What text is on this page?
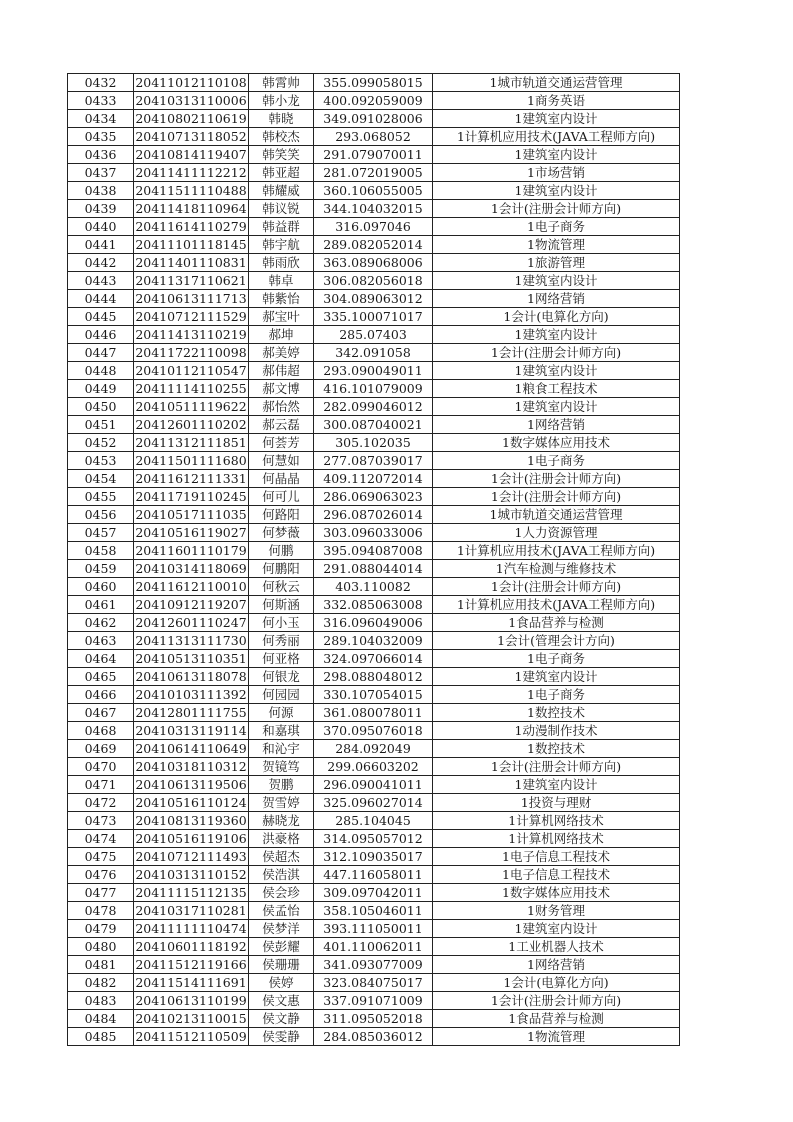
0432	20411012110108	韩霄帅	355.099058015	1城市轨道交通运营管理
0433	20410313110006	韩小龙	400.092059009	1商务英语
0434	20410802110619	韩晓	349.091028006	1建筑室内设计
0435	20410713118052	韩校杰	293.068052	1计算机应用技术(JAVA工程师方向)
0436	20410814119407	韩笑笑	291.079070011	1建筑室内设计
0437	20411411112212	韩亚超	281.072019005	1市场营销
0438	20411511110488	韩耀威	360.106055005	1建筑室内设计
0439	20411418110964	韩议锐	344.104032015	1会计(注册会计师方向)
0440	20411614110279	韩益群	316.097046	1电子商务
0441	20411101118145	韩宇航	289.082052014	1物流管理
0442	20411401110831	韩雨欣	363.089068006	1旅游管理
0443	20411317110621	韩卓	306.082056018	1建筑室内设计
0444	20410613111713	韩紫怡	304.089063012	1网络营销
0445	20410712111529	郝宝叶	335.100071017	1会计(电算化方向)
0446	20411413110219	郝坤	285.07403	1建筑室内设计
0447	20411722110098	郝美婷	342.091058	1会计(注册会计师方向)
0448	20410112110547	郝伟超	293.090049011	1建筑室内设计
0449	20411114110255	郝文博	416.101079009	1粮食工程技术
0450	20410511119622	郝怡然	282.099046012	1建筑室内设计
0451	20412601110202	郝云磊	300.087040021	1网络营销
0452	20411312111851	何荟芳	305.102035	1数字媒体应用技术
0453	20411501111680	何慧如	277.087039017	1电子商务
0454	20411612111331	何晶晶	409.112072014	1会计(注册会计师方向)
0455	20411719110245	何可儿	286.069063023	1会计(注册会计师方向)
0456	20410517111035	何路阳	296.087026014	1城市轨道交通运营管理
0457	20410516119027	何梦薇	303.096033006	1人力资源管理
0458	20411601110179	何鹏	395.094087008	1计算机应用技术(JAVA工程师方向)
0459	20410314118069	何鹏阳	291.088044014	1汽车检测与维修技术
0460	20411612110010	何秋云	403.110082	1会计(注册会计师方向)
0461	20410912119207	何斯涵	332.085063008	1计算机应用技术(JAVA工程师方向)
0462	20412601110247	何小玉	316.096049006	1食品营养与检测
0463	20411313111730	何秀丽	289.104032009	1会计(管理会计方向)
0464	20410513110351	何亚格	324.097066014	1电子商务
0465	20410613118078	何银龙	298.088048012	1建筑室内设计
0466	20410103111392	何园园	330.107054015	1电子商务
0467	20412801111755	何源	361.080078011	1数控技术
0468	20410313119114	和嘉琪	370.095076018	1动漫制作技术
0469	20410614110649	和沁宇	284.092049	1数控技术
0470	20410318110312	贺镜笃	299.06603202	1会计(注册会计师方向)
0471	20410613119506	贺鹏	296.090041011	1建筑室内设计
0472	20410516110124	贺雪婷	325.096027014	1投资与理财
0473	20410813119360	赫晓龙	285.104045	1计算机网络技术
0474	20410516119106	洪豪格	314.095057012	1计算机网络技术
0475	20410712111493	侯超杰	312.109035017	1电子信息工程技术
0476	20410313110152	侯浩淇	447.116058011	1电子信息工程技术
0477	20411115112135	侯会珍	309.097042011	1数字媒体应用技术
0478	20410317110281	侯孟怡	358.105046011	1财务管理
0479	20411111110474	侯梦洋	393.111050011	1建筑室内设计
0480	20410601118192	侯彭耀	401.110062011	1工业机器人技术
0481	20411512119166	侯珊珊	341.093077009	1网络营销
0482	20411514111691	侯婷	323.084075017	1会计(电算化方向)
0483	20410613110199	侯文惠	337.091071009	1会计(注册会计师方向)
0484	20410213110015	侯文静	311.095052018	1食品营养与检测
0485	20411512110509	侯雯静	284.085036012	1物流管理
